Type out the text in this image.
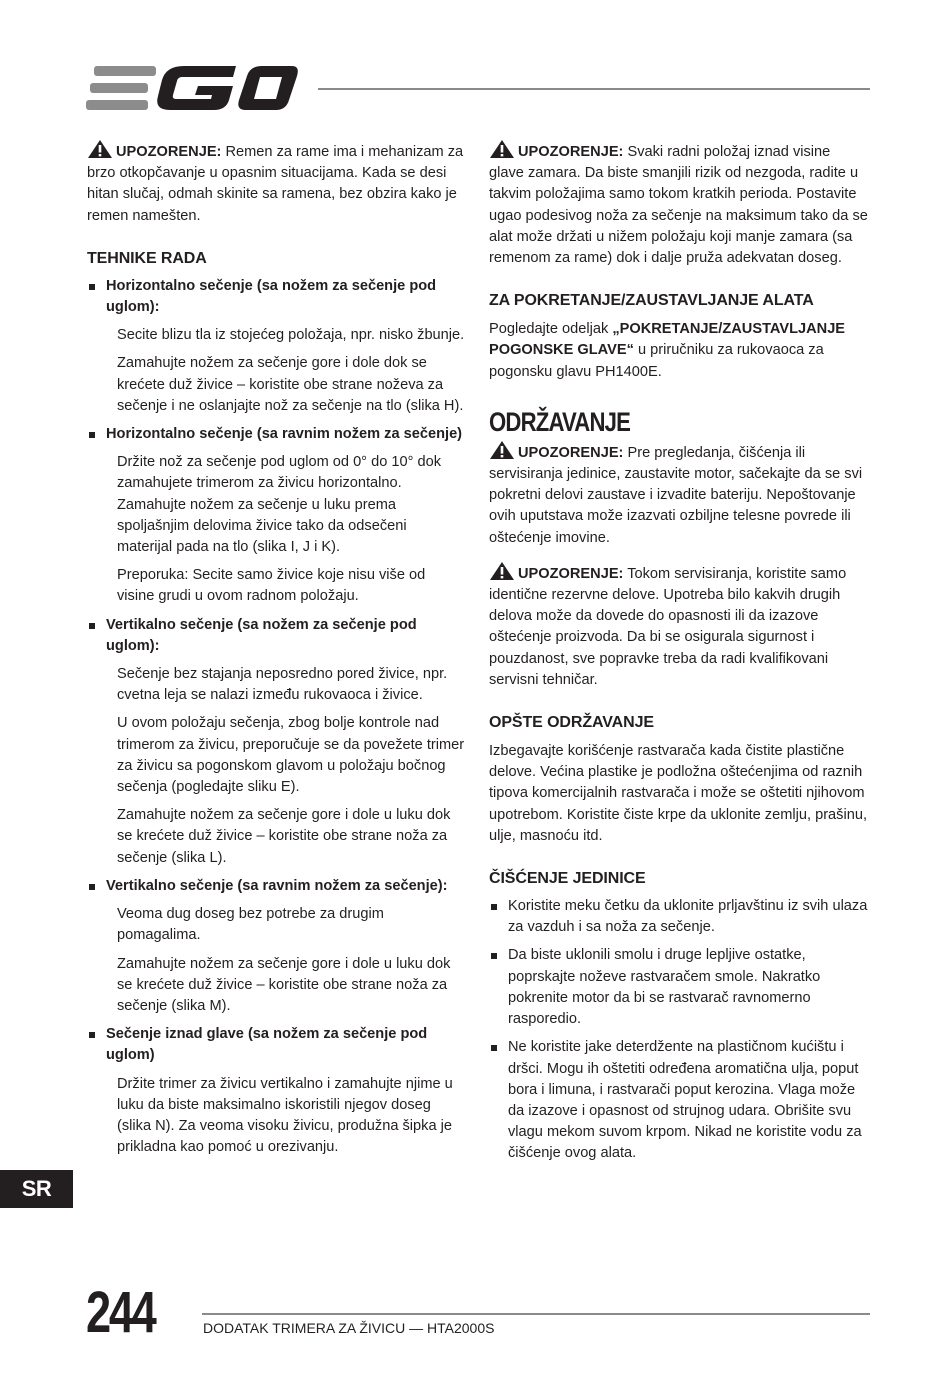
UPOZORENJE: Remen za rame ima i mehanizam za brzo otkopčavanje u opasnim situacijama. Kada se desi hitan slučaj, odmah skinite sa ramena, bez obzira kako je remen namešten.

TEHNIKE RADA

Horizontalno sečenje (sa nožem za sečenje pod uglom):

Secite blizu tla iz stojećeg položaja, npr. nisko žbunje.

Zamahujte nožem za sečenje gore i dole dok se krećete duž živice – koristite obe strane noževa za sečenje i ne oslanjajte nož za sečenje na tlo (slika H).

Horizontalno sečenje (sa ravnim nožem za sečenje)

Držite nož za sečenje pod uglom od 0° do 10° dok zamahujete trimerom za živicu horizontalno. Zamahujte nožem za sečenje u luku prema spoljašnjim delovima živice tako da odsečeni materijal pada na tlo (slika I, J i K).

Preporuka: Secite samo živice koje nisu više od visine grudi u ovom radnom položaju.

Vertikalno sečenje (sa nožem za sečenje pod uglom):

Sečenje bez stajanja neposredno pored živice, npr. cvetna leja se nalazi između rukovaoca i živice.

U ovom položaju sečenja, zbog bolje kontrole nad trimerom za živicu, preporučuje se da povežete trimer za živicu sa pogonskom glavom u položaju bočnog sečenja (pogledajte sliku E).

Zamahujte nožem za sečenje gore i dole u luku dok se krećete duž živice – koristite obe strane noža za sečenje (slika L).

Vertikalno sečenje (sa ravnim nožem za sečenje):

Veoma dug doseg bez potrebe za drugim pomagalima.

Zamahujte nožem za sečenje gore i dole u luku dok se krećete duž živice – koristite obe strane noža za sečenje (slika M).

Sečenje iznad glave (sa nožem za sečenje pod uglom)

Držite trimer za živicu vertikalno i zamahujte njime u luku da biste maksimalno iskoristili njegov doseg (slika N). Za veoma visoku živicu, produžna šipka je prikladna kao pomoć u orezivanju.

UPOZORENJE: Svaki radni položaj iznad visine glave zamara. Da biste smanjili rizik od nezgoda, radite u takvim položajima samo tokom kratkih perioda. Postavite ugao podesivog noža za sečenje na maksimum tako da se alat može držati u nižem položaju koji manje zamara (sa remenom za rame) dok i dalje pruža adekvatan doseg.

ZA POKRETANJE/ZAUSTAVLJANJE ALATA

Pogledajte odeljak „POKRETANJE/ZAUSTAVLJANJE POGONSKE GLAVE“ u priručniku za rukovaoca za pogonsku glavu PH1400E.

ODRŽAVANJE

UPOZORENJE: Pre pregledanja, čišćenja ili servisiranja jedinice, zaustavite motor, sačekajte da se svi pokretni delovi zaustave i izvadite bateriju. Nepoštovanje ovih uputstava može izazvati ozbiljne telesne povrede ili oštećenje imovine.

UPOZORENJE: Tokom servisiranja, koristite samo identične rezervne delove. Upotreba bilo kakvih drugih delova može da dovede do opasnosti ili da izazove oštećenje proizvoda. Da bi se osigurala sigurnost i pouzdanost, sve popravke treba da radi kvalifikovani servisni tehničar.

OPŠTE ODRŽAVANJE

Izbegavajte korišćenje rastvarača kada čistite plastične delove. Većina plastike je podložna oštećenjima od raznih tipova komercijalnih rastvarača i može se oštetiti njihovom upotrebom. Koristite čiste krpe da uklonite zemlju, prašinu, ulje, masnoću itd.

ČIŠĆENJE JEDINICE

Koristite meku četku da uklonite prljavštinu iz svih ulaza za vazduh i sa noža za sečenje.

Da biste uklonili smolu i druge lepljive ostatke, poprskajte noževe rastvaračem smole. Nakratko pokrenite motor da bi se rastvarač ravnomerno rasporedio.

Ne koristite jake deterdžente na plastičnom kućištu i dršci. Mogu ih oštetiti određena aromatična ulja, poput bora i limuna, i rastvarači poput kerozina. Vlaga može da izazove i opasnost od strujnog udara. Obrišite svu vlagu mekom suvom krpom. Nikad ne koristite vodu za čišćenje ovog alata.

SR
244	DODATAK TRIMERA ZA ŽIVICU — HTA2000S
